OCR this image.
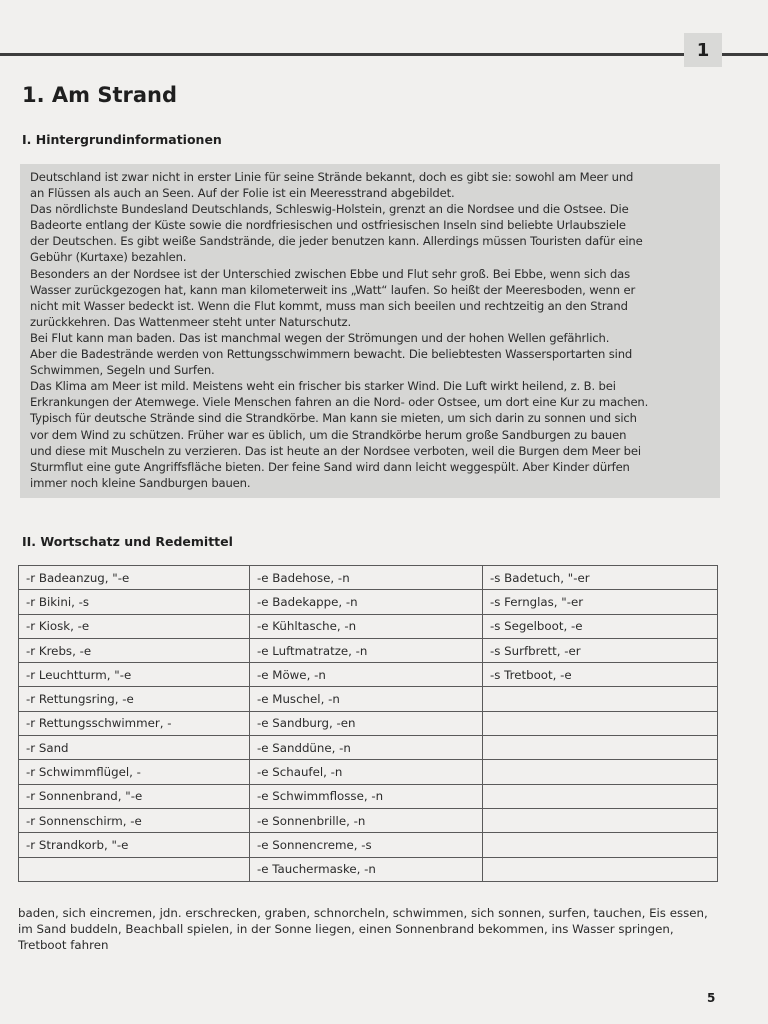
1
1. Am Strand
I. Hintergrundinformationen
Deutschland ist zwar nicht in erster Linie für seine Strände bekannt, doch es gibt sie: sowohl am Meer und
an Flüssen als auch an Seen. Auf der Folie ist ein Meeresstrand abgebildet.
Das nördlichste Bundesland Deutschlands, Schleswig-Holstein, grenzt an die Nordsee und die Ostsee. Die
Badeorte entlang der Küste sowie die nordfriesischen und ostfriesischen Inseln sind beliebte Urlaubsziele
der Deutschen. Es gibt weiße Sandstrände, die jeder benutzen kann. Allerdings müssen Touristen dafür eine
Gebühr (Kurtaxe) bezahlen.
Besonders an der Nordsee ist der Unterschied zwischen Ebbe und Flut sehr groß. Bei Ebbe, wenn sich das
Wasser zurückgezogen hat, kann man kilometerweit ins „Watt“ laufen. So heißt der Meeresboden, wenn er
nicht mit Wasser bedeckt ist. Wenn die Flut kommt, muss man sich beeilen und rechtzeitig an den Strand
zurückkehren. Das Wattenmeer steht unter Naturschutz.
Bei Flut kann man baden. Das ist manchmal wegen der Strömungen und der hohen Wellen gefährlich.
Aber die Badestrände werden von Rettungsschwimmern bewacht. Die beliebtesten Wassersportarten sind
Schwimmen, Segeln und Surfen.
Das Klima am Meer ist mild. Meistens weht ein frischer bis starker Wind. Die Luft wirkt heilend, z. B. bei
Erkrankungen der Atemwege. Viele Menschen fahren an die Nord- oder Ostsee, um dort eine Kur zu machen.
Typisch für deutsche Strände sind die Strandkörbe. Man kann sie mieten, um sich darin zu sonnen und sich
vor dem Wind zu schützen. Früher war es üblich, um die Strandkörbe herum große Sandburgen zu bauen
und diese mit Muscheln zu verzieren. Das ist heute an der Nordsee verboten, weil die Burgen dem Meer bei
Sturmflut eine gute Angriffsfläche bieten. Der feine Sand wird dann leicht weggespült. Aber Kinder dürfen
immer noch kleine Sandburgen bauen.
II. Wortschatz und Redemittel
-r Badeanzug, "-e	-e Badehose, -n	-s Badetuch, "-er
-r Bikini, -s	-e Badekappe, -n	-s Fernglas, "-er
-r Kiosk, -e	-e Kühltasche, -n	-s Segelboot, -e
-r Krebs, -e	-e Luftmatratze, -n	-s Surfbrett, -er
-r Leuchtturm, "-e	-e Möwe, -n	-s Tretboot, -e
-r Rettungsring, -e	-e Muschel, -n	
-r Rettungsschwimmer, -	-e Sandburg, -en	
-r Sand	-e Sanddüne, -n	
-r Schwimmflügel, -	-e Schaufel, -n	
-r Sonnenbrand, "-e	-e Schwimmflosse, -n	
-r Sonnenschirm, -e	-e Sonnenbrille, -n	
-r Strandkorb, "-e	-e Sonnencreme, -s	
	-e Tauchermaske, -n	
baden, sich eincremen, jdn. erschrecken, graben, schnorcheln, schwimmen, sich sonnen, surfen, tauchen, Eis essen, im Sand buddeln, Beachball spielen, in der Sonne liegen, einen Sonnenbrand bekommen, ins Wasser springen, Tretboot fahren
5
